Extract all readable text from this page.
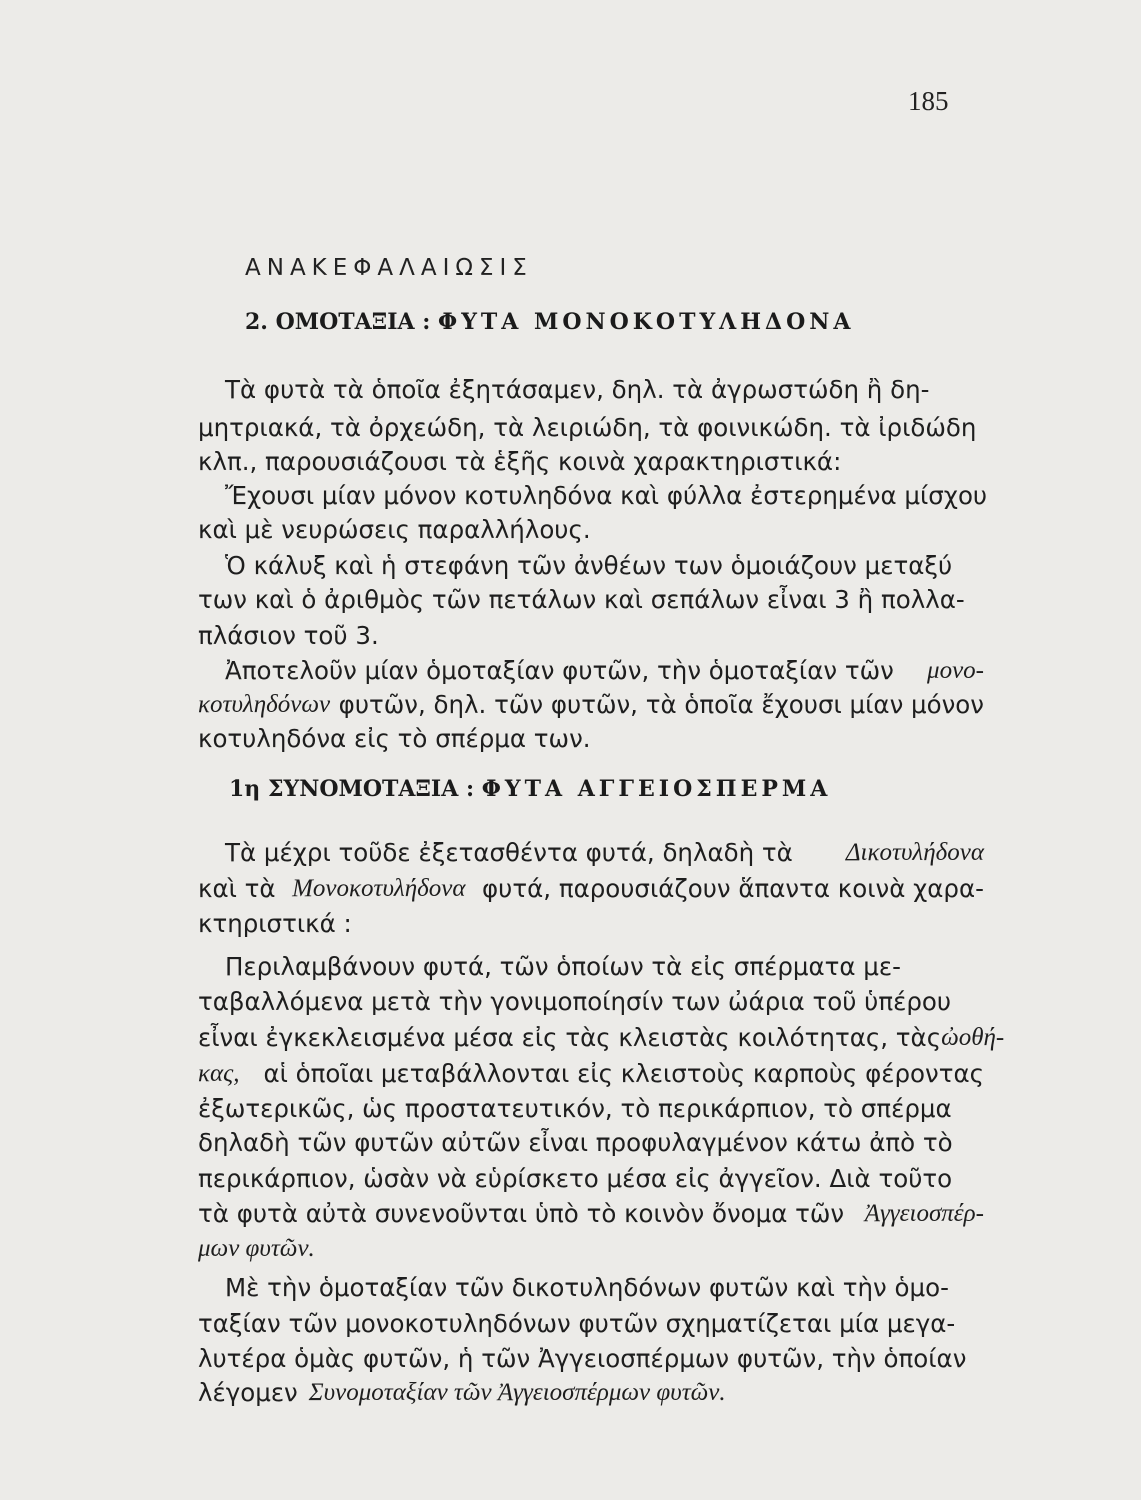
185
ΑΝΑΚΕΦΑΛΑΙΩΣΙΣ
2. ΟΜΟΤΑΞΙΑ : ΦΥΤΑ ΜΟΝΟΚΟΤΥΛΗΔΟΝΑ
Τὰ φυτὰ τὰ ὁποῖα ἐξητάσαμεν, δηλ. τὰ ἀγρωστώδη ἢ δη-
μητριακά, τὰ ὀρχεώδη, τὰ λειριώδη, τὰ φοινικώδη. τὰ ἰριδώδη
κλπ., παρουσιάζουσι τὰ ἑξῆς κοινὰ χαρακτηριστικά:
Ἔχουσι μίαν μόνον κοτυληδόνα καὶ φύλλα ἐστερημένα μίσχου
καὶ μὲ νευρώσεις παραλλήλους.
Ὁ κάλυξ καὶ ἡ στεφάνη τῶν ἀνθέων των ὁμοιάζουν μεταξύ
των καὶ ὁ ἀριθμὸς τῶν πετάλων καὶ σεπάλων εἶναι 3 ἢ πολλα-
πλάσιον τοῦ 3.
Ἀποτελοῦν μίαν ὁμοταξίαν φυτῶν, τὴν ὁμοταξίαν τῶν μονο-
κοτυληδόνων φυτῶν, δηλ. τῶν φυτῶν, τὰ ὁποῖα ἔχουσι μίαν μόνον
κοτυληδόνα εἰς τὸ σπέρμα των.
1η ΣΥΝΟΜΟΤΑΞΙΑ : ΦΥΤΑ ΑΓΓΕΙΟΣΠΕΡΜΑ
Τὰ μέχρι τοῦδε ἐξετασθέντα φυτά, δηλαδὴ τὰ Δικοτυλήδονα
καὶ τὰ Μονοκοτυλήδονα φυτά, παρουσιάζουν ἅπαντα κοινὰ χαρα-
κτηριστικά :
Περιλαμβάνουν φυτά, τῶν ὁποίων τὰ εἰς σπέρματα με-
ταβαλλόμενα μετὰ τὴν γονιμοποίησίν των ὠάρια τοῦ ὑπέρου
εἶναι ἐγκεκλεισμένα μέσα εἰς τὰς κλειστὰς κοιλότητας, τὰς ὠοθή-
κας, αἱ ὁποῖαι μεταβάλλονται εἰς κλειστοὺς καρποὺς φέροντας
ἐξωτερικῶς, ὡς προστατευτικόν, τὸ περικάρπιον, τὸ σπέρμα
δηλαδὴ τῶν φυτῶν αὐτῶν εἶναι προφυλαγμένον κάτω ἀπὸ τὸ
περικάρπιον, ὡσὰν νὰ εὑρίσκετο μέσα εἰς ἀγγεῖον. Διὰ τοῦτο
τὰ φυτὰ αὐτὰ συνενοῦνται ὑπὸ τὸ κοινὸν ὄνομα τῶν Ἀγγειοσπέρ-
μων φυτῶν.
Μὲ τὴν ὁμοταξίαν τῶν δικοτυληδόνων φυτῶν καὶ τὴν ὁμο-
ταξίαν τῶν μονοκοτυληδόνων φυτῶν σχηματίζεται μία μεγα-
λυτέρα ὁμὰς φυτῶν, ἡ τῶν Ἀγγειοσπέρμων φυτῶν, τὴν ὁποίαν
λέγομεν Συνομοταξίαν τῶν Ἀγγειοσπέρμων φυτῶν.
